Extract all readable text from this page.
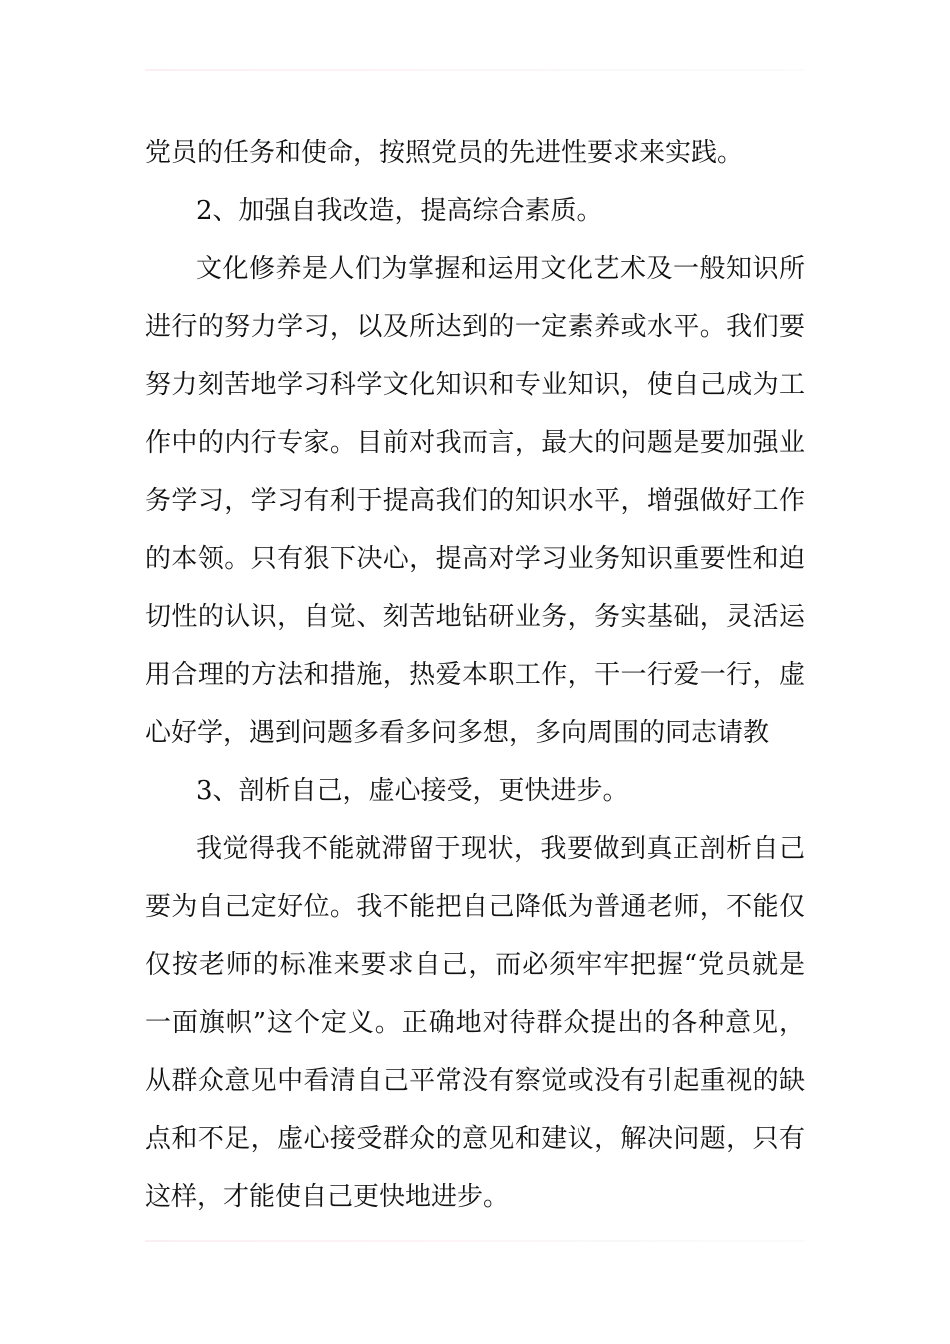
党员的任务和使命，按照党员的先进性要求来实践。
2、加强自我改造，提高综合素质。
文化修养是人们为掌握和运用文化艺术及一般知识所
进行的努力学习，以及所达到的一定素养或水平。我们要
努力刻苦地学习科学文化知识和专业知识，使自己成为工
作中的内行专家。目前对我而言，最大的问题是要加强业
务学习，学习有利于提高我们的知识水平，增强做好工作
的本领。只有狠下决心，提高对学习业务知识重要性和迫
切性的认识，自觉、刻苦地钻研业务，务实基础，灵活运
用合理的方法和措施，热爱本职工作，干一行爱一行，虚
心好学，遇到问题多看多问多想，多向周围的同志请教
3、剖析自己，虚心接受，更快进步。
我觉得我不能就滞留于现状，我要做到真正剖析自己
要为自己定好位。我不能把自己降低为普通老师，不能仅
仅按老师的标准来要求自己，而必须牢牢把握“党员就是
一面旗帜”这个定义。正确地对待群众提出的各种意见，
从群众意见中看清自己平常没有察觉或没有引起重视的缺
点和不足，虚心接受群众的意见和建议，解决问题，只有
这样，才能使自己更快地进步。
